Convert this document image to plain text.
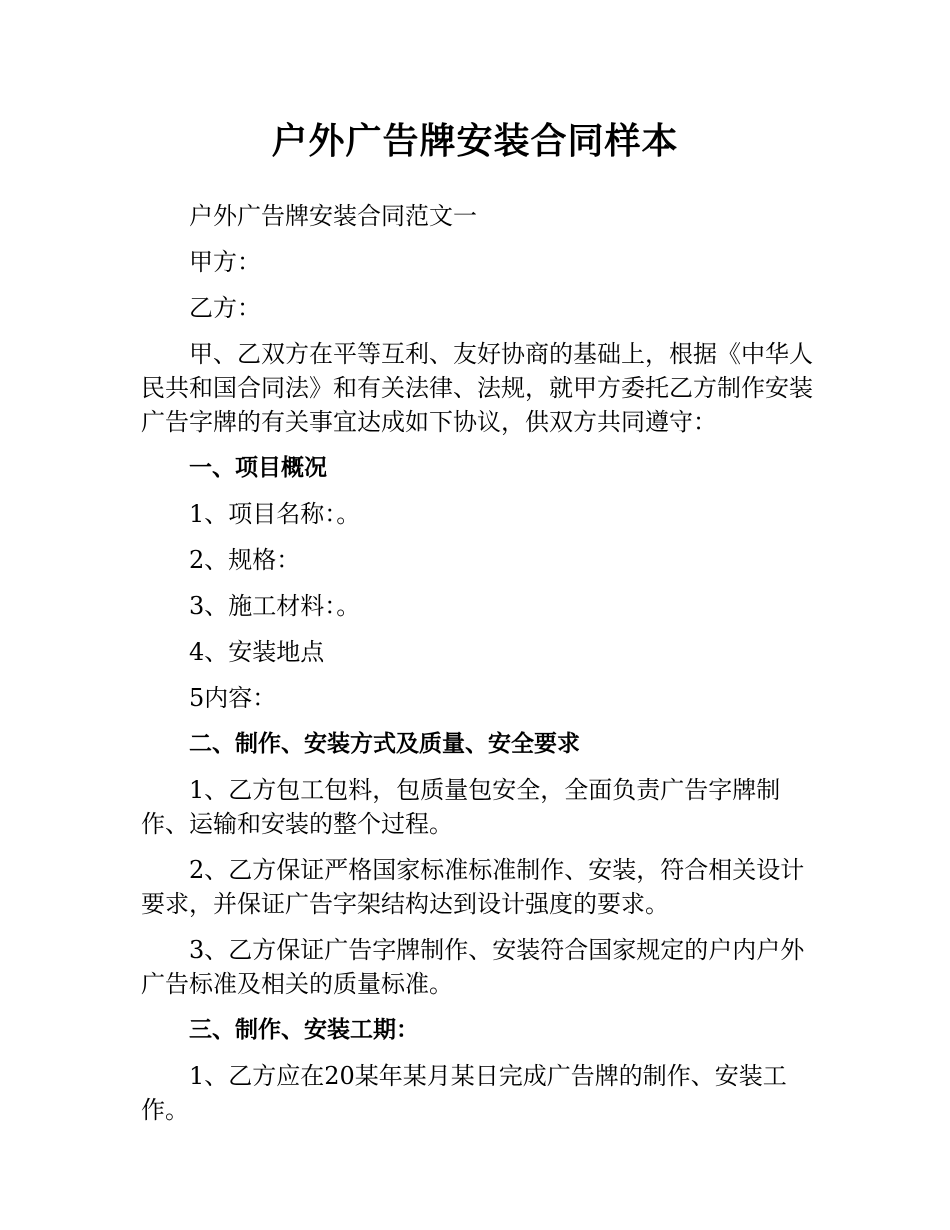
户外广告牌安装合同样本

户外广告牌安装合同范文一

甲方：

乙方：

甲、乙双方在平等互利、友好协商的基础上，根据《中华人民共和国合同法》和有关法律、法规，就甲方委托乙方制作安装广告字牌的有关事宜达成如下协议，供双方共同遵守：

一、项目概况

1、项目名称：。

2、规格：

3、施工材料：。

4、安装地点

5内容：

二、制作、安装方式及质量、安全要求

1、乙方包工包料，包质量包安全，全面负责广告字牌制作、运输和安装的整个过程。

2、乙方保证严格国家标准标准制作、安装，符合相关设计要求，并保证广告字架结构达到设计强度的要求。

3、乙方保证广告字牌制作、安装符合国家规定的户内户外广告标准及相关的质量标准。

三、制作、安装工期：

1、乙方应在20某年某月某日完成广告牌的制作、安装工作。
